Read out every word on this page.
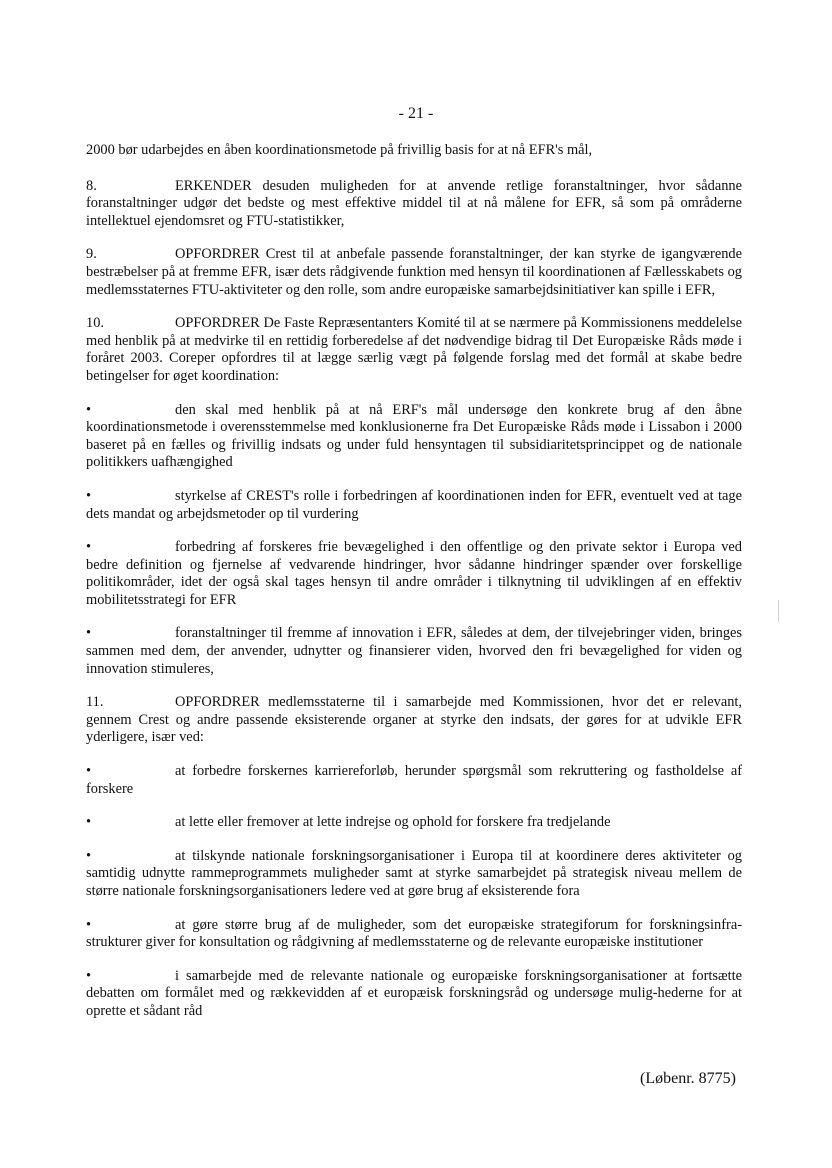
- 21 -

2000 bør udarbejdes en åben koordinationsmetode på frivillig basis for at nå EFR's mål,

8.	ERKENDER desuden muligheden for at anvende retlige foranstaltninger, hvor sådanne foranstaltninger udgør det bedste og mest effektive middel til at nå målene for EFR, så som på områderne intellektuel ejendomsret og FTU-statistikker,

9.	OPFORDRER Crest til at anbefale passende foranstaltninger, der kan styrke de igangværende bestræbelser på at fremme EFR, især dets rådgivende funktion med hensyn til koordinationen af Fællesskabets og medlemsstaternes FTU-aktiviteter og den rolle, som andre europæiske samarbejdsinitiativer kan spille i EFR,

10.	OPFORDRER De Faste Repræsentanters Komité til at se nærmere på Kommissionens meddelelse med henblik på at medvirke til en rettidig forberedelse af det nødvendige bidrag til Det Europæiske Råds møde i foråret 2003. Coreper opfordres til at lægge særlig vægt på følgende forslag med det formål at skabe bedre betingelser for øget koordination:

•	den skal med henblik på at nå ERF's mål undersøge den konkrete brug af den åbne koordinationsmetode i overensstemmelse med konklusionerne fra Det Europæiske Råds møde i Lissabon i 2000 baseret på en fælles og frivillig indsats og under fuld hensyntagen til subsidiaritetsprincippet og de nationale politikkers uafhængighed

•	styrkelse af CREST's rolle i forbedringen af koordinationen inden for EFR, eventuelt ved at tage dets mandat og arbejdsmetoder op til vurdering

•	forbedring af forskeres frie bevægelighed i den offentlige og den private sektor i Europa ved bedre definition og fjernelse af vedvarende hindringer, hvor sådanne hindringer spænder over forskellige politikområder, idet der også skal tages hensyn til andre områder i tilknytning til udviklingen af en effektiv mobilitetsstrategi for EFR

•	foranstaltninger til fremme af innovation i EFR, således at dem, der tilvejebringer viden, bringes sammen med dem, der anvender, udnytter og finansierer viden, hvorved den fri bevægelighed for viden og innovation stimuleres,

11.	OPFORDRER medlemsstaterne til i samarbejde med Kommissionen, hvor det er relevant, gennem Crest og andre passende eksisterende organer at styrke den indsats, der gøres for at udvikle EFR yderligere, især ved:

•	at forbedre forskernes karriereforløb, herunder spørgsmål som rekruttering og fastholdelse af forskere

•	at lette eller fremover at lette indrejse og ophold for forskere fra tredjelande

•	at tilskynde nationale forskningsorganisationer i Europa til at koordinere deres aktiviteter og samtidig udnytte rammeprogrammets muligheder samt at styrke samarbejdet på strategisk niveau mellem de større nationale forskningsorganisationers ledere ved at gøre brug af eksisterende fora

•	at gøre større brug af de muligheder, som det europæiske strategiforum for forskningsinfra-strukturer giver for konsultation og rådgivning af medlemsstaterne og de relevante europæiske institutioner

•	i samarbejde med de relevante nationale og europæiske forskningsorganisationer at fortsætte debatten om formålet med og rækkevidden af et europæisk forskningsråd og undersøge mulig-hederne for at oprette et sådant råd

(Løbenr. 8775)
